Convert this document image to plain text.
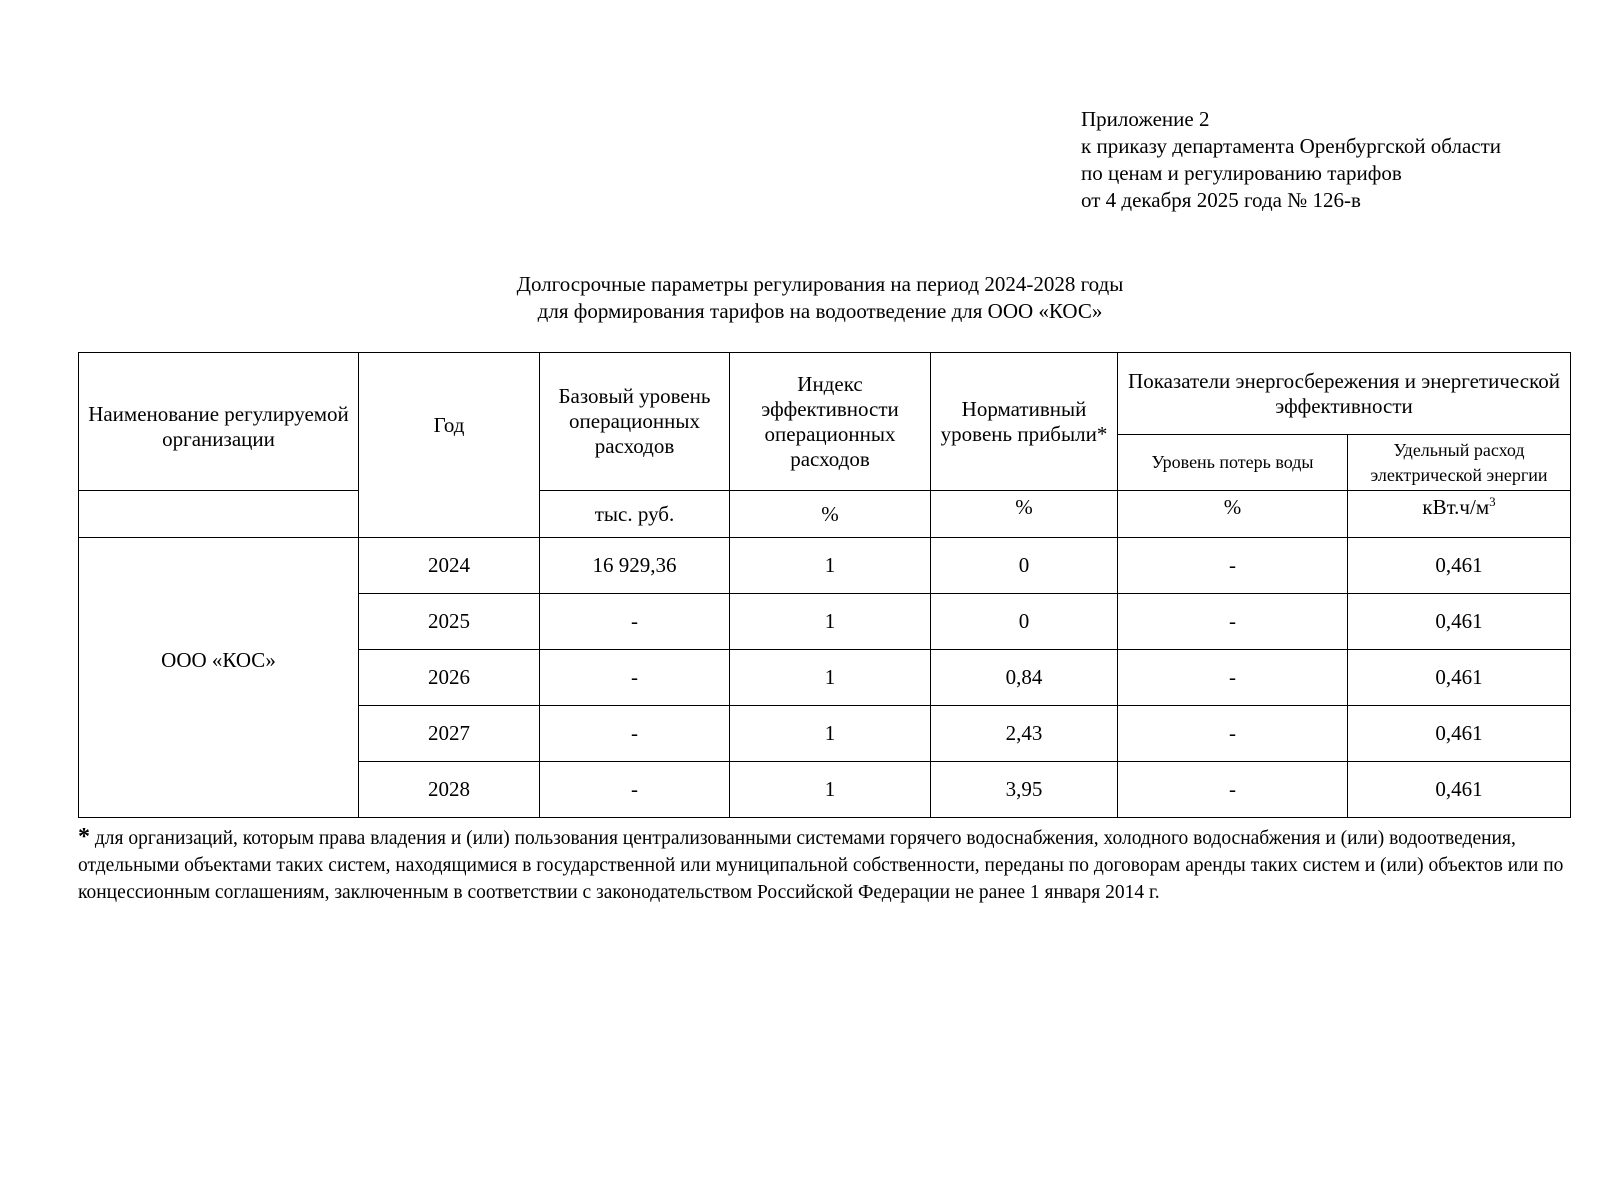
Приложение 2
к приказу департамента Оренбургской области
по ценам и регулированию тарифов
от 4 декабря 2025 года № 126-в
Долгосрочные параметры регулирования на период 2024-2028 годы
для формирования тарифов на водоотведение для ООО «КОС»
Наименование регулируемой организации	Год	Базовый уровень операционных расходов	Индекс эффективности операционных расходов	Нормативный уровень прибыли*	Показатели энергосбережения и энергетической эффективности	
					Уровень потерь воды	Удельный расход электрической энергии
		тыс. руб.	%	%	%	$кВт.ч/м^3$
ООО «КОС»	2024	16 929,36	1	0	-	0,461
	2025	-	1	0	-	0,461
	2026	-	1	0,84	-	0,461
	2027	-	1	2,43	-	0,461
	2028	-	1	3,95	-	0,461
* для организаций, которым права владения и (или) пользования централизованными системами горячего водоснабжения, холодного водоснабжения и (или) водоотведения, отдельными объектами таких систем, находящимися в государственной или муниципальной собственности, переданы по договорам аренды таких систем и (или) объектов или по концессионным соглашениям, заключенным в соответствии с законодательством Российской Федерации не ранее 1 января 2014 г.
